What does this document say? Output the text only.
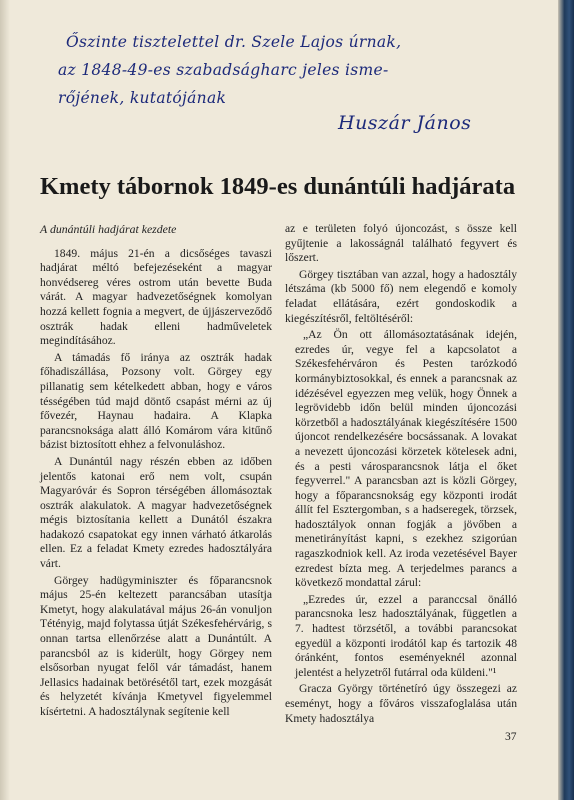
Őszinte tisztelettel dr. Szele Lajos úrnak,
az 1848-49-es szabadságharc jeles isme-
rőjének, kutatójának
Huszár János
Kmety tábornok 1849-es dunántúli hadjárata

A dunántúli hadjárat kezdete

1849. május 21-én a dicsőséges tavaszi hadjárat méltó befejezéseként a magyar honvédsereg véres ostrom után bevette Buda várát. A magyar hadvezetőségnek komolyan hozzá kellett fognia a megvert, de újjászerveződő osztrák hadak elleni hadműveletek megindításához.

A támadás fő iránya az osztrák hadak főhadiszállása, Pozsony volt. Görgey egy pillanatig sem kételkedett abban, hogy e város tésségében túd majd döntő csapást mérni az új fővezér, Haynau hadaira. A Klapka parancsnoksága alatt álló Komárom vára kitűnő bázist biztosított ehhez a felvonuláshoz.

A Dunántúl nagy részén ebben az időben jelentős katonai erő nem volt, csupán Magyaróvár és Sopron térségében állomásoztak osztrák alakulatok. A magyar hadvezetőségnek mégis biztosítania kellett a Dunától északra hadakozó csapatokat egy innen várható átkarolás ellen. Ez a feladat Kmety ezredes hadosztályára várt.

Görgey hadügyminiszter és főparancsnok május 25-én keltezett parancsában utasítja Kmetyt, hogy alakulatával május 26-án vonuljon Tétényig, majd folytassa útját Székesfehérvárig, s onnan tartsa ellenőrzése alatt a Dunántúlt. A parancsból az is kiderült, hogy Görgey nem elsősorban nyugat felől vár támadást, hanem Jellasics hadainak betörésétől tart, ezek mozgását és helyzetét kívánja Kmetyvel figyelemmel kísértetni. A hadosztálynak segítenie kell

az e területen folyó újoncozást, s össze kell gyűjtenie a lakosságnál található fegyvert és lőszert.

Görgey tisztában van azzal, hogy a hadosztály létszáma (kb 5000 fő) nem elegendő e komoly feladat ellátására, ezért gondoskodik a kiegészítésről, feltöltéséről:

„Az Ön ott állomásoztatásának idején, ezredes úr, vegye fel a kapcsolatot a Székesfehérváron és Pesten tarózkodó kormánybiztosokkal, és ennek a parancsnak az idézésével egyezzen meg velük, hogy Önnek a legrövidebb időn belül minden újoncozási körzetből a hadosztályának kiegészítésére 1500 újoncot rendelkezésére bocsássanak. A lovakat a nevezett újoncozási körzetek kötelesek adni, és a pesti városparancsnok látja el őket fegyverrel." A parancsban azt is közli Görgey, hogy a főparancsnokság egy központi irodát állít fel Esztergomban, s a hadseregek, törzsek, hadosztályok onnan fogják a jövőben a menetirányítást kapni, s ezekhez szigorúan ragaszkodniok kell. Az iroda vezetésével Bayer ezredest bízta meg. A terjedelmes parancs a következő mondattal zárul:

„Ezredes úr, ezzel a paranccsal önálló parancsnoka lesz hadosztályának, független a 7. hadtest törzsétől, a további parancsokat egyedül a központi irodától kap és tartozik 48 óránként, fontos eseményeknél azonnal jelentést a helyzetről futárral oda küldeni."¹

Gracza György történetíró úgy összegezi az eseményt, hogy a főváros visszafoglalása után Kmety hadosztálya

37
